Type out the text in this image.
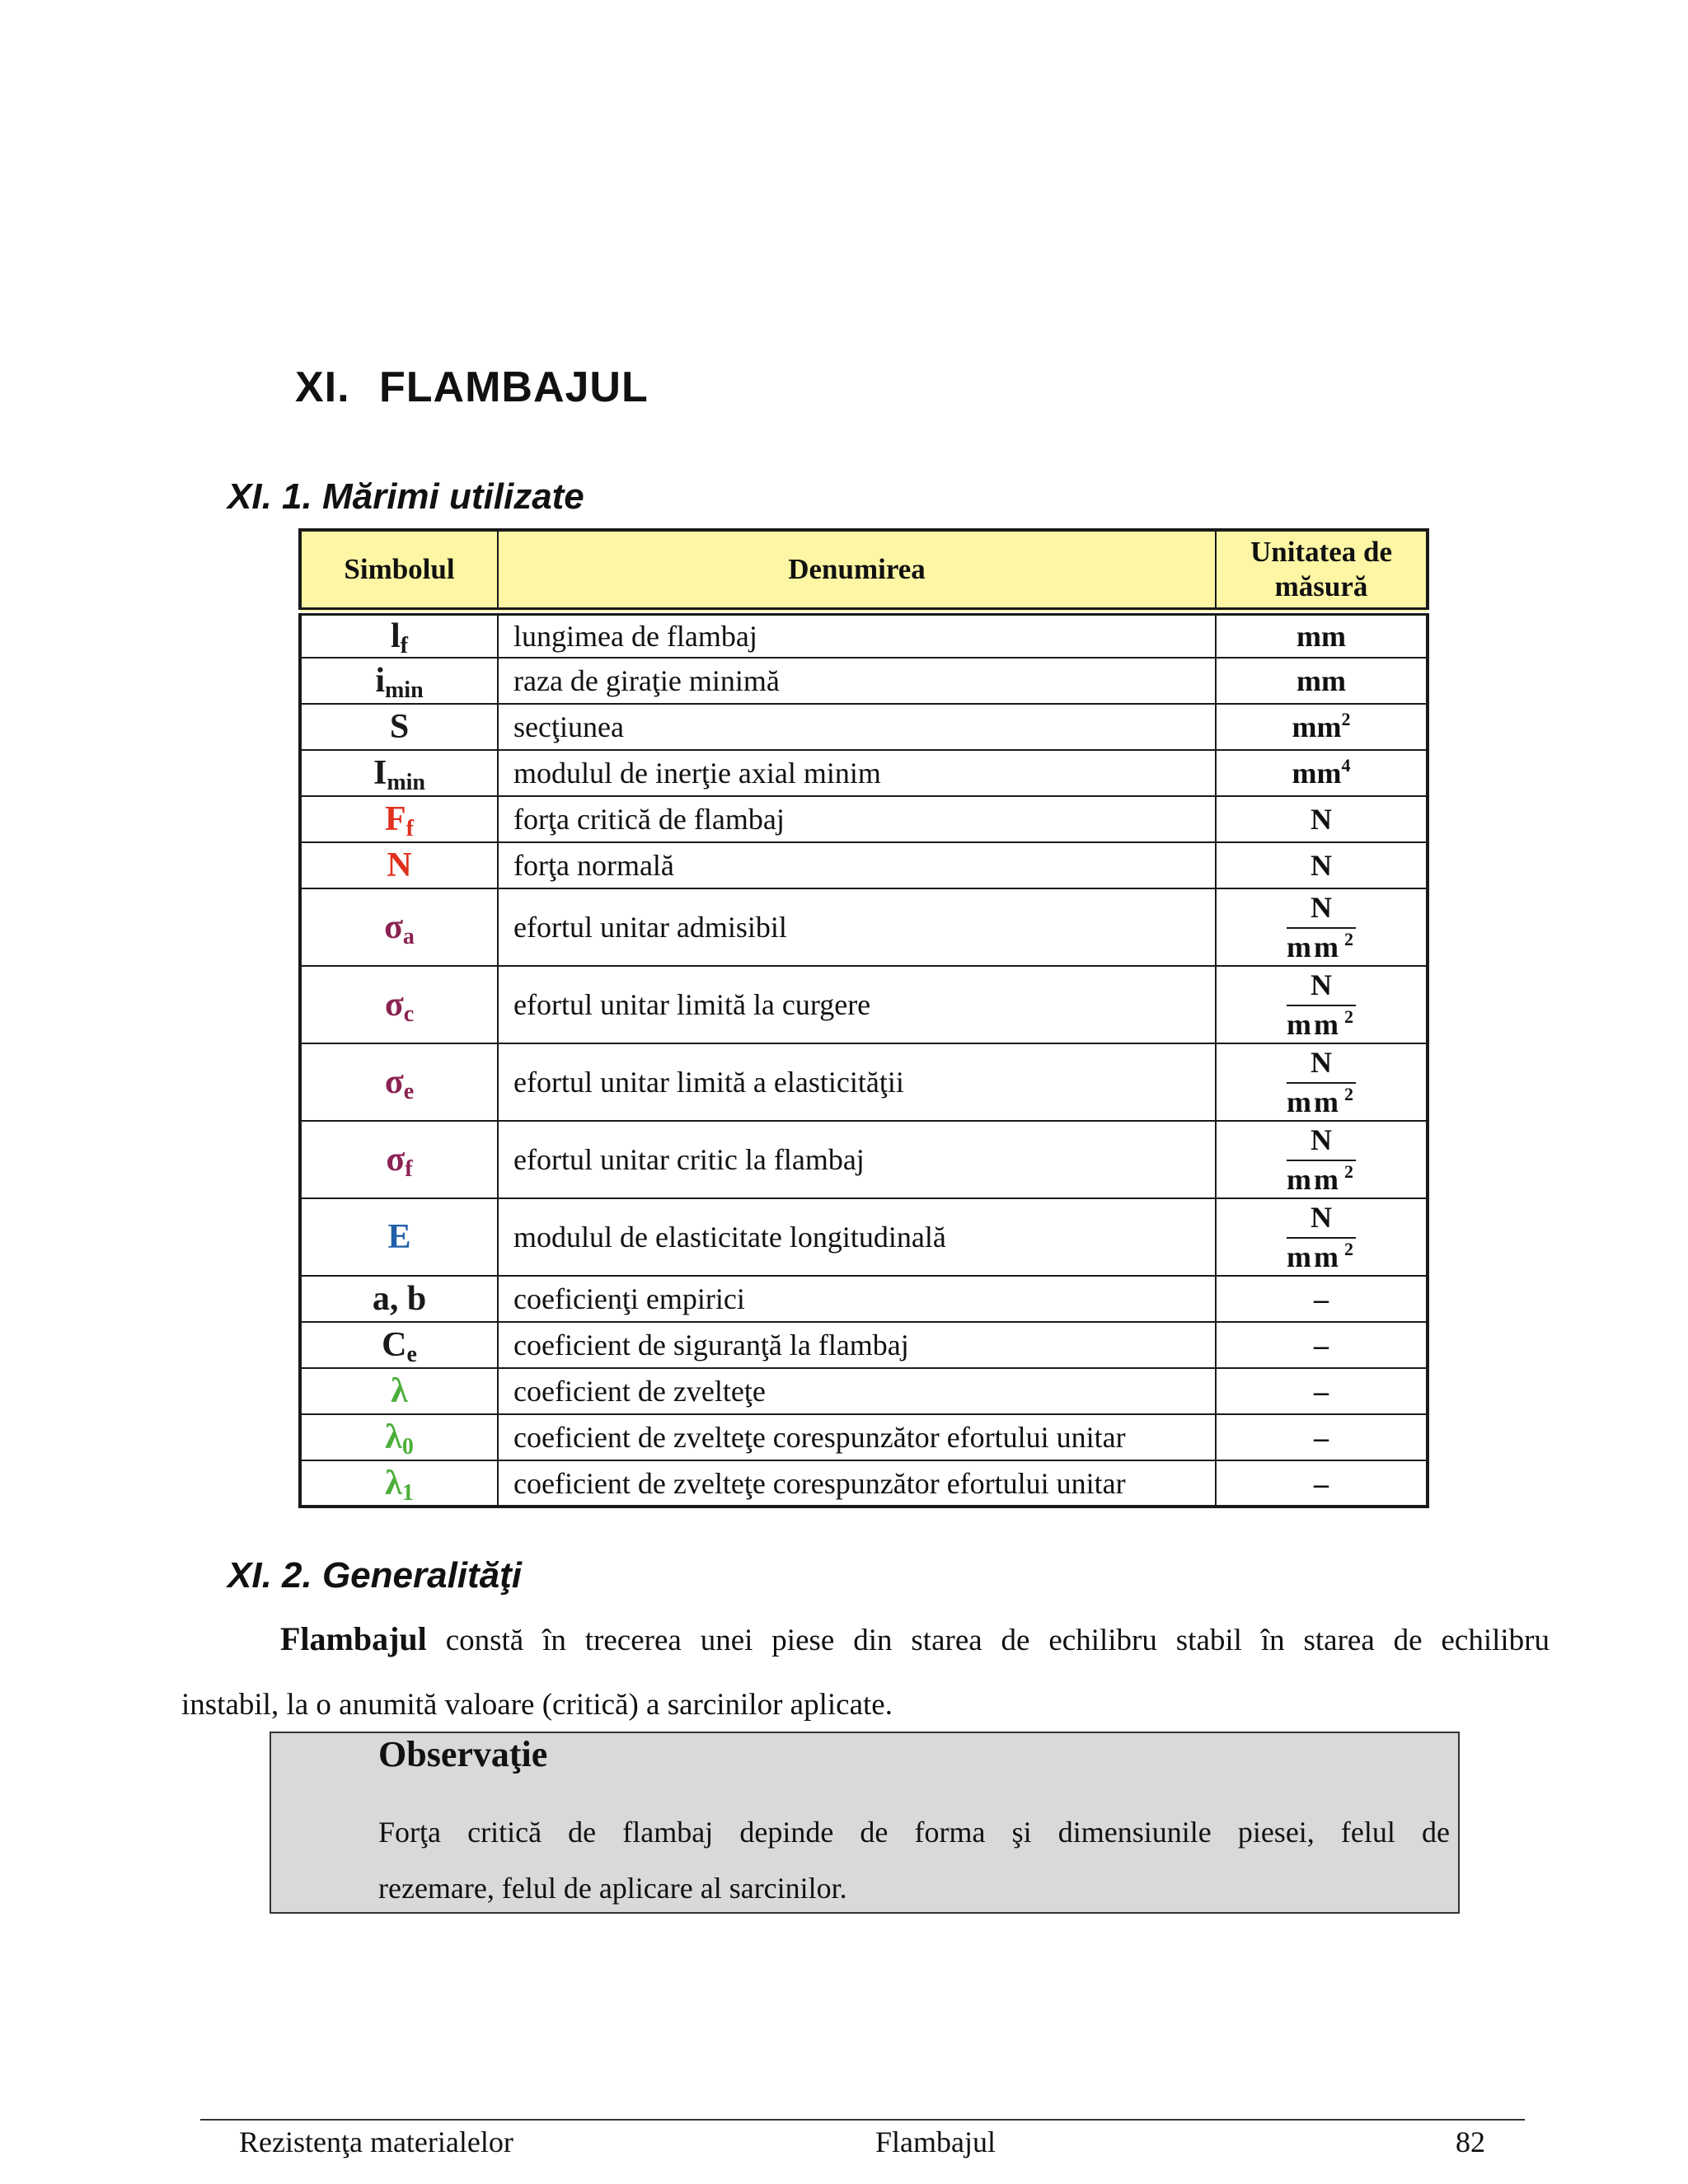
XI. FLAMBAJUL
XI. 1. Mărimi utilizate
Simbolul	Denumirea	Unitatea de
măsură
$l_f$	lungimea de flambaj	mm
$i_{min}$	raza de giraţie minimă	mm
S	secţiunea	$mm^2$
$I_{min}$	modulul de inerţie axial minim	$mm^4$
$F_f$	forţa critică de flambaj	N
N	forţa normală	N
$\sigma_a$	efortul unitar admisibil	$\frac{N}{mm ^2}$

$\sigma_c$	efortul unitar limită la curgere	$\frac{N}{mm ^2}$

$\sigma_e$	efortul unitar limită a elasticităţii	$\frac{N}{mm ^2}$

$\sigma_f$	efortul unitar critic la flambaj	$\frac{N}{mm ^2}$

E	modulul de elasticitate longitudinală	$\frac{N}{mm ^2}$

a, b	coeficienţi empirici	–
$C_e$	coeficient de siguranţă la flambaj	–
λ	coeficient de zvelteţe	–
$\lambda_0$	coeficient de zvelteţe corespunzător efortului unitar	–
$\lambda_1$	coeficient de zvelteţe corespunzător efortului unitar	–
XI. 2. Generalităţi
Flambajul constă în trecerea unei piese din starea de echilibru stabil în starea de echilibru
instabil, la o anumită valoare (critică) a sarcinilor aplicate.
Observaţie
Forţa critică de flambaj depinde de forma şi dimensiunile piesei, felul de
rezemare, felul de aplicare al sarcinilor.
Rezistenţa materialelor	Flambajul	82
